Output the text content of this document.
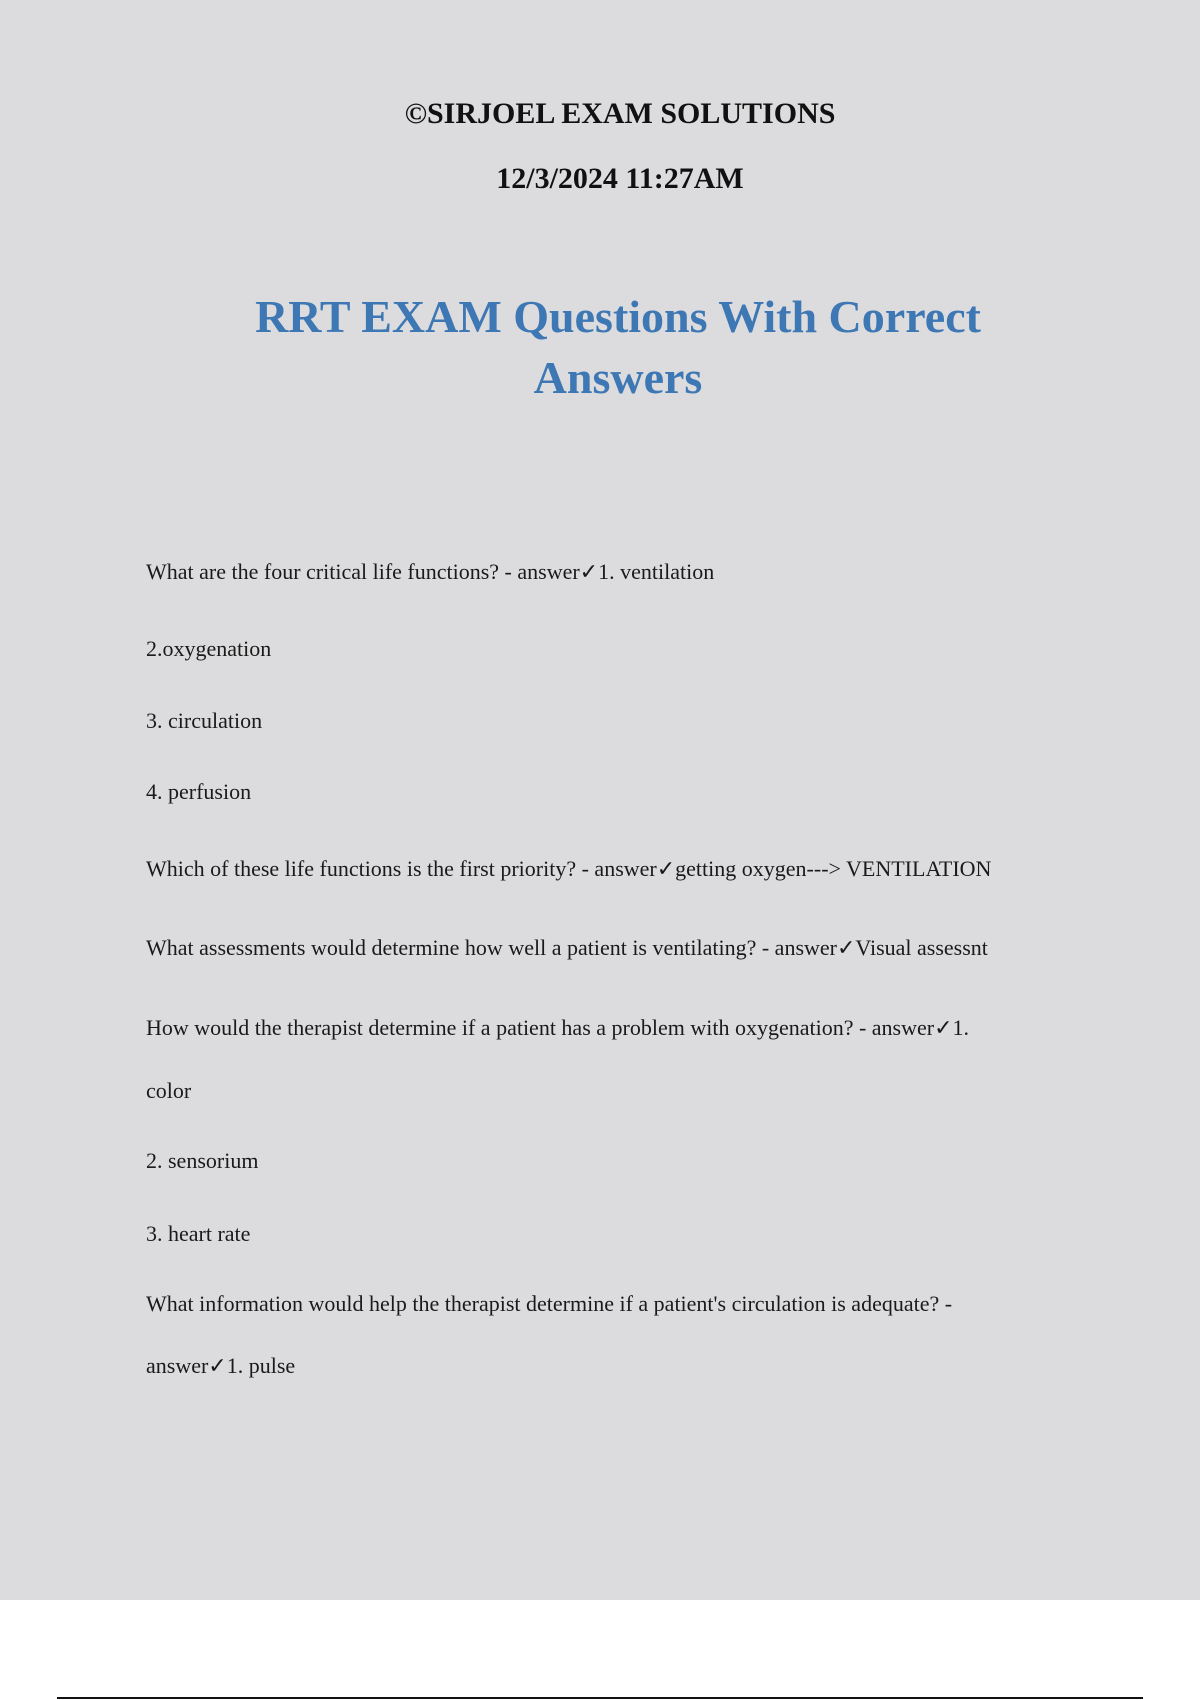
©SIRJOEL EXAM SOLUTIONS
12/3/2024 11:27AM
RRT EXAM Questions With Correct
Answers
What are the four critical life functions? - answer✓1. ventilation
2.oxygenation
3. circulation
4. perfusion
Which of these life functions is the first priority? - answer✓getting oxygen---> VENTILATION
What assessments would determine how well a patient is ventilating? - answer✓Visual assessnt
How would the therapist determine if a patient has a problem with oxygenation? - answer✓1.
color
2. sensorium
3. heart rate
What information would help the therapist determine if a patient's circulation is adequate? -
answer✓1. pulse
